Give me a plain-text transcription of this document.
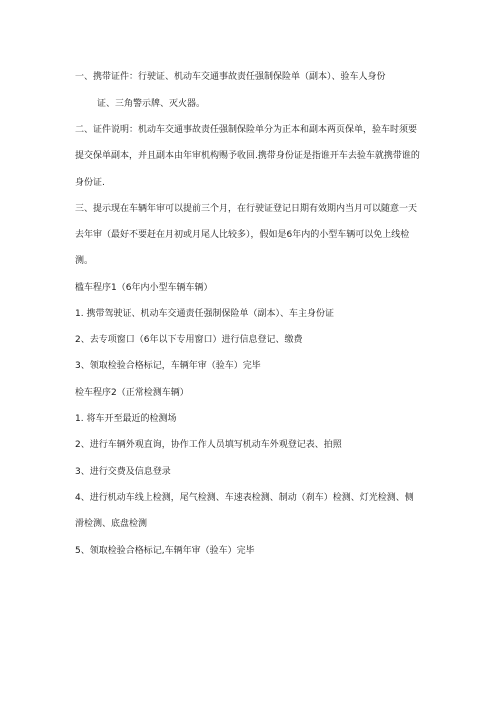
一、携带证件：行驶证、机动车交通事故责任强制保险单（副本）、验车人身份
证、三角警示牌、灭火器。
二、证件说明：机动车交通事故责任强制保险单分为正本和副本两页保单，验车时须要
提交保单副本，并且副本由年审机构赐予收回.携带身份证是指谁开车去验车就携带谁的
身份证.
三、提示现在车辆年审可以提前三个月，在行驶证登记日期有效期内当月可以随意一天
去年审（最好不要赶在月初或月尾人比较多），假如是6年内的小型车辆可以免上线检
测。
槛车程序1（6年内小型车辆车辆）
1. 携带驾驶证、机动车交通责任强制保险单（副本）、车主身份证
2、去专项窗口（6年以下专用窗口）进行信息登记、缴费
3、领取检验合格标记，车辆年审（验车）完毕
检车程序2（正常检测车辆）
1. 将车开至最近的检测场
2、进行车辆外观直询，协作工作人员填写机动车外观登记表、拍照
3、进行交费及信息登录
4、进行机动车线上检测，尾气检测、车速表检测、制动（刹车）检测、灯光检测、侧
滑检测、底盘检测
5、领取检验合格标记,车辆年审（验车）完毕
